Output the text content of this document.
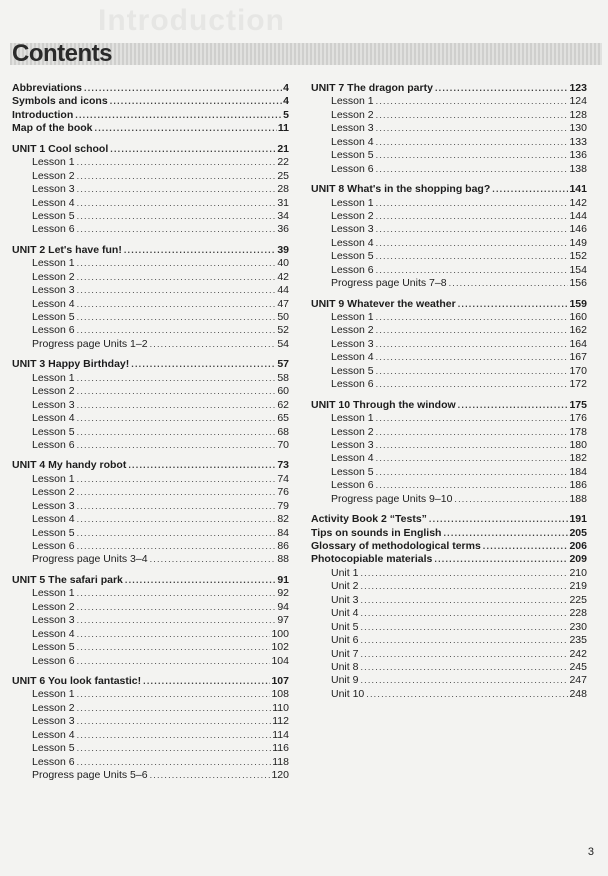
Introduction
Contents
Abbreviations .....	4
Symbols and icons .....	4
Introduction .....	5
Map of the book .....	11
UNIT 1 Cool school .....	21
Lesson 1 .....	22
Lesson 2 .....	25
Lesson 3 .....	28
Lesson 4 .....	31
Lesson 5 .....	34
Lesson 6 .....	36
UNIT 2 Let's have fun! .....	39
Lesson 1 .....	40
Lesson 2 .....	42
Lesson 3 .....	44
Lesson 4 .....	47
Lesson 5 .....	50
Lesson 6 .....	52
Progress page Units 1–2 .....	54
UNIT 3 Happy Birthday! .....	57
Lesson 1 .....	58
Lesson 2 .....	60
Lesson 3 .....	62
Lesson 4 .....	65
Lesson 5 .....	68
Lesson 6 .....	70
UNIT 4 My handy robot .....	73
Lesson 1 .....	74
Lesson 2 .....	76
Lesson 3 .....	79
Lesson 4 .....	82
Lesson 5 .....	84
Lesson 6 .....	86
Progress page Units 3–4 .....	88
UNIT 5 The safari park .....	91
Lesson 1 .....	92
Lesson 2 .....	94
Lesson 3 .....	97
Lesson 4 .....	100
Lesson 5 .....	102
Lesson 6 .....	104
UNIT 6 You look fantastic! .....	107
Lesson 1 .....	108
Lesson 2 .....	110
Lesson 3 .....	112
Lesson 4 .....	114
Lesson 5 .....	116
Lesson 6 .....	118
Progress page Units 5–6 .....	120
UNIT 7 The dragon party .....	123
Lesson 1 .....	124
Lesson 2 .....	128
Lesson 3 .....	130
Lesson 4 .....	133
Lesson 5 .....	136
Lesson 6 .....	138
UNIT 8 What's in the shopping bag? .....	141
Lesson 1 .....	142
Lesson 2 .....	144
Lesson 3 .....	146
Lesson 4 .....	149
Lesson 5 .....	152
Lesson 6 .....	154
Progress page Units 7–8 .....	156
UNIT 9 Whatever the weather .....	159
Lesson 1 .....	160
Lesson 2 .....	162
Lesson 3 .....	164
Lesson 4 .....	167
Lesson 5 .....	170
Lesson 6 .....	172
UNIT 10 Through the window .....	175
Lesson 1 .....	176
Lesson 2 .....	178
Lesson 3 .....	180
Lesson 4 .....	182
Lesson 5 .....	184
Lesson 6 .....	186
Progress page Units 9–10 .....	188
Activity Book 2 “Tests” .....	191
Tips on sounds in English .....	205
Glossary of methodological terms .....	206
Photocopiable materials .....	209
Unit 1 .....	210
Unit 2 .....	219
Unit 3 .....	225
Unit 4 .....	228
Unit 5 .....	230
Unit 6 .....	235
Unit 7 .....	242
Unit 8 .....	245
Unit 9 .....	247
Unit 10 .....	248
3
